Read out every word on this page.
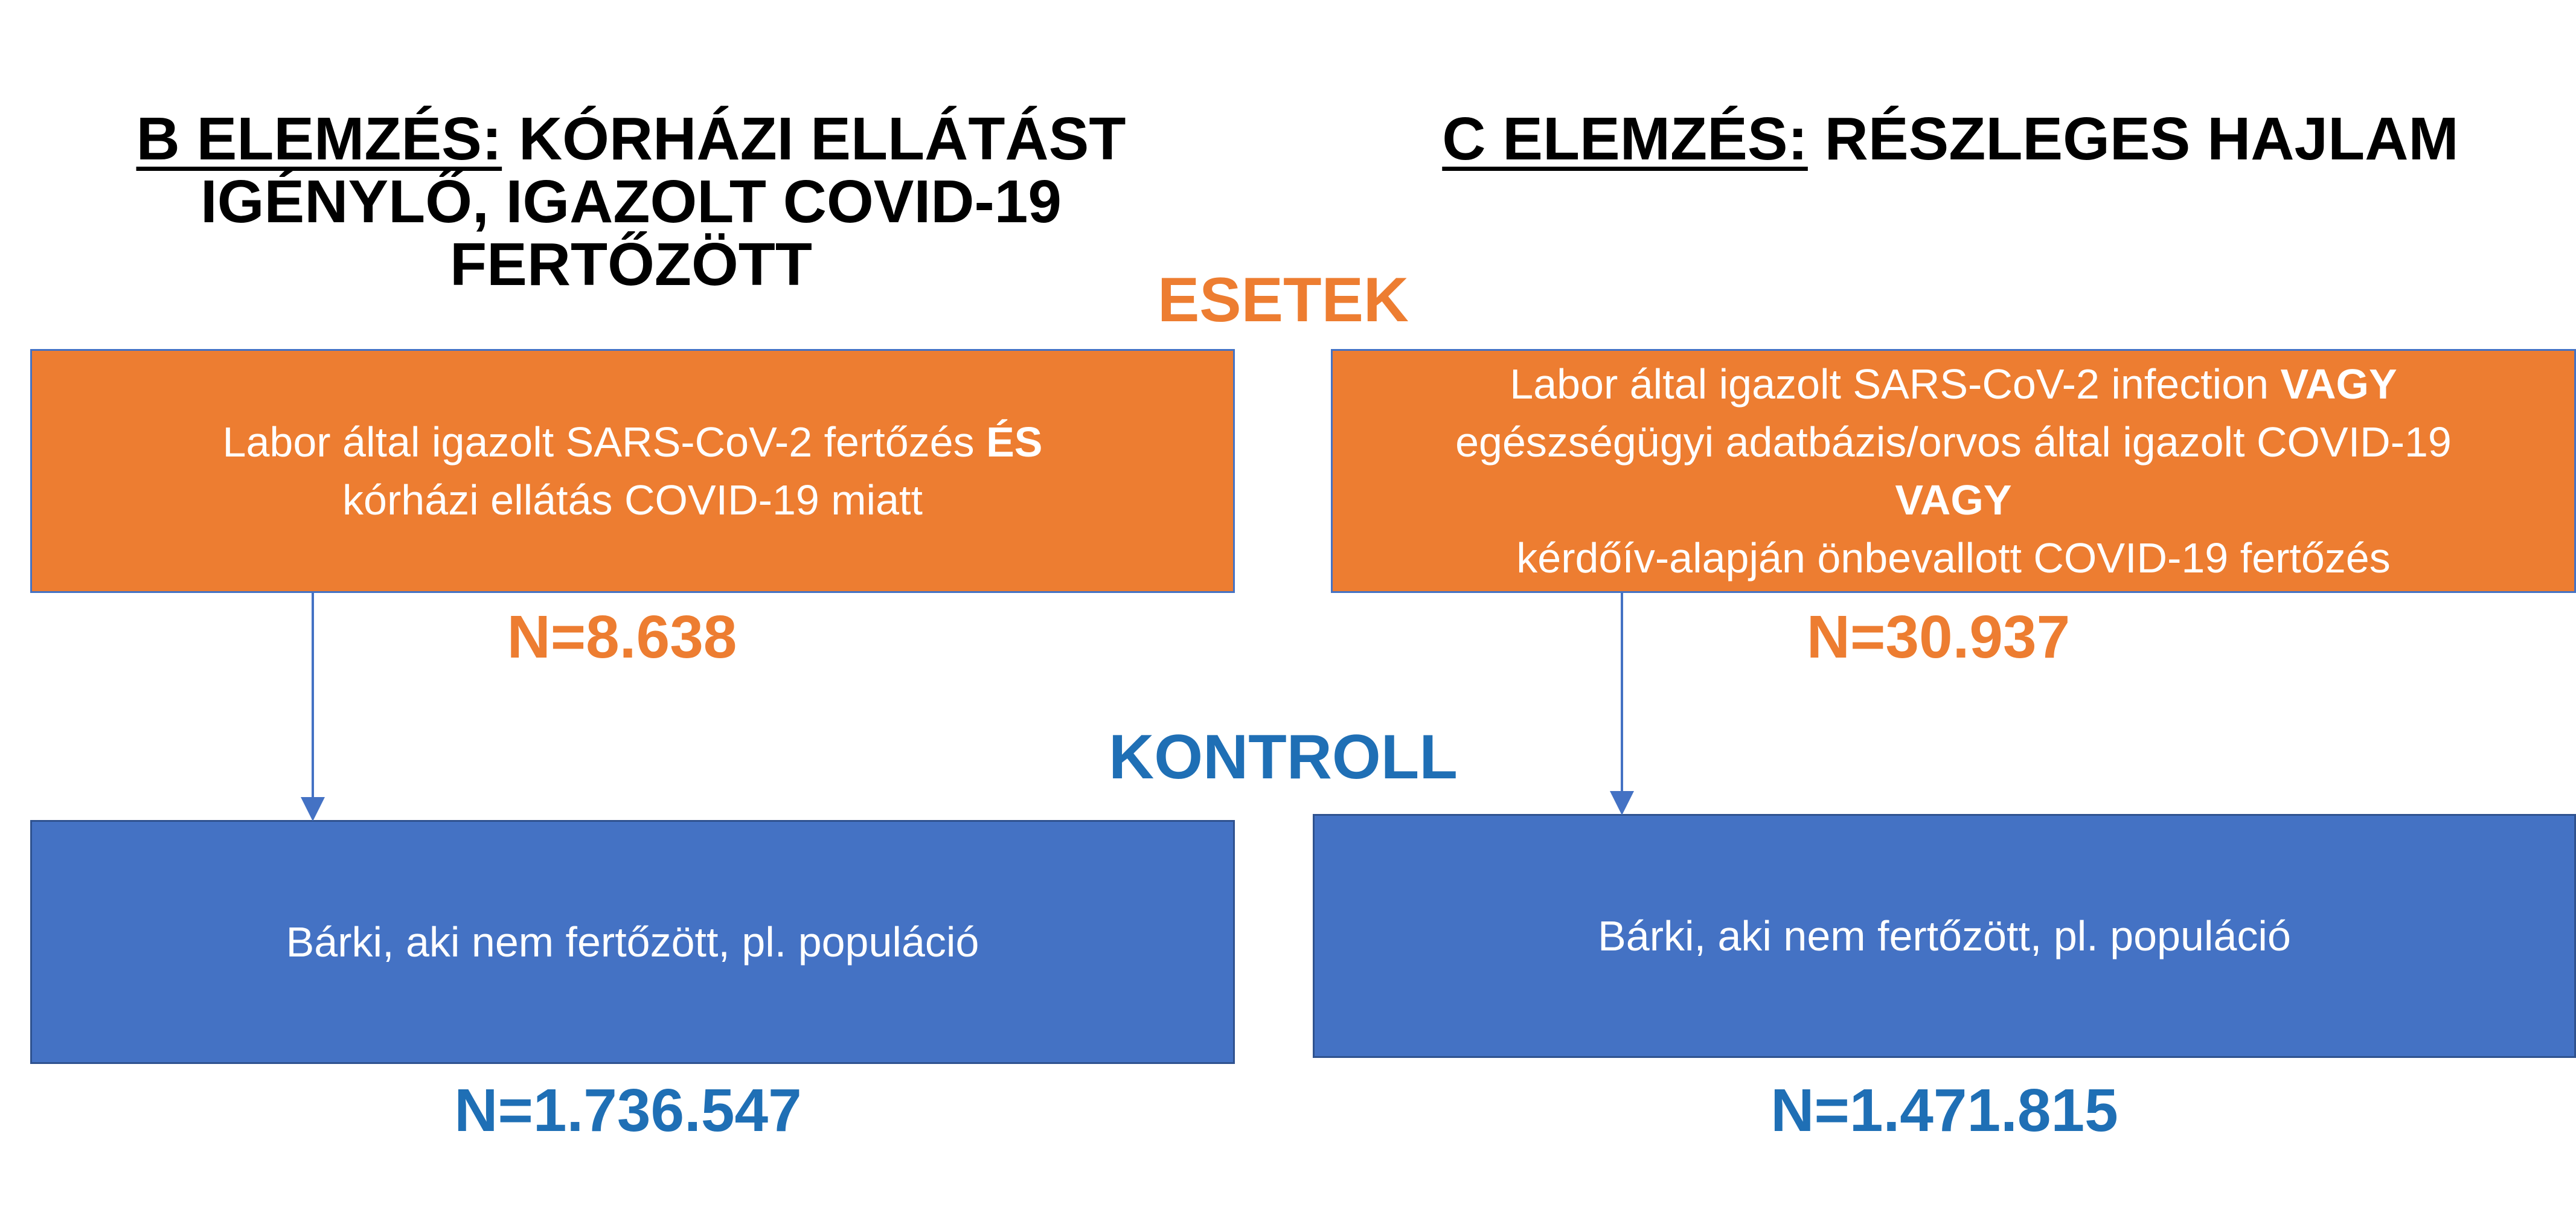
B ELEMZÉS: KÓRHÁZI ELLÁTÁST
IGÉNYLŐ, IGAZOLT COVID-19
FERTŐZÖTT
C ELEMZÉS: RÉSZLEGES HAJLAM
ESETEK
Labor által igazolt SARS-CoV-2 fertőzés ÉS
kórházi ellátás COVID-19 miatt
Labor által igazolt SARS-CoV-2 infection VAGY
egészségügyi adatbázis/orvos által igazolt COVID-19
VAGY
kérdőív-alapján önbevallott COVID-19 fertőzés
N=8.638	N=30.937
KONTROLL
Bárki, aki nem fertőzött, pl. populáció	Bárki, aki nem fertőzött, pl. populáció
N=1.736.547	N=1.471.815
